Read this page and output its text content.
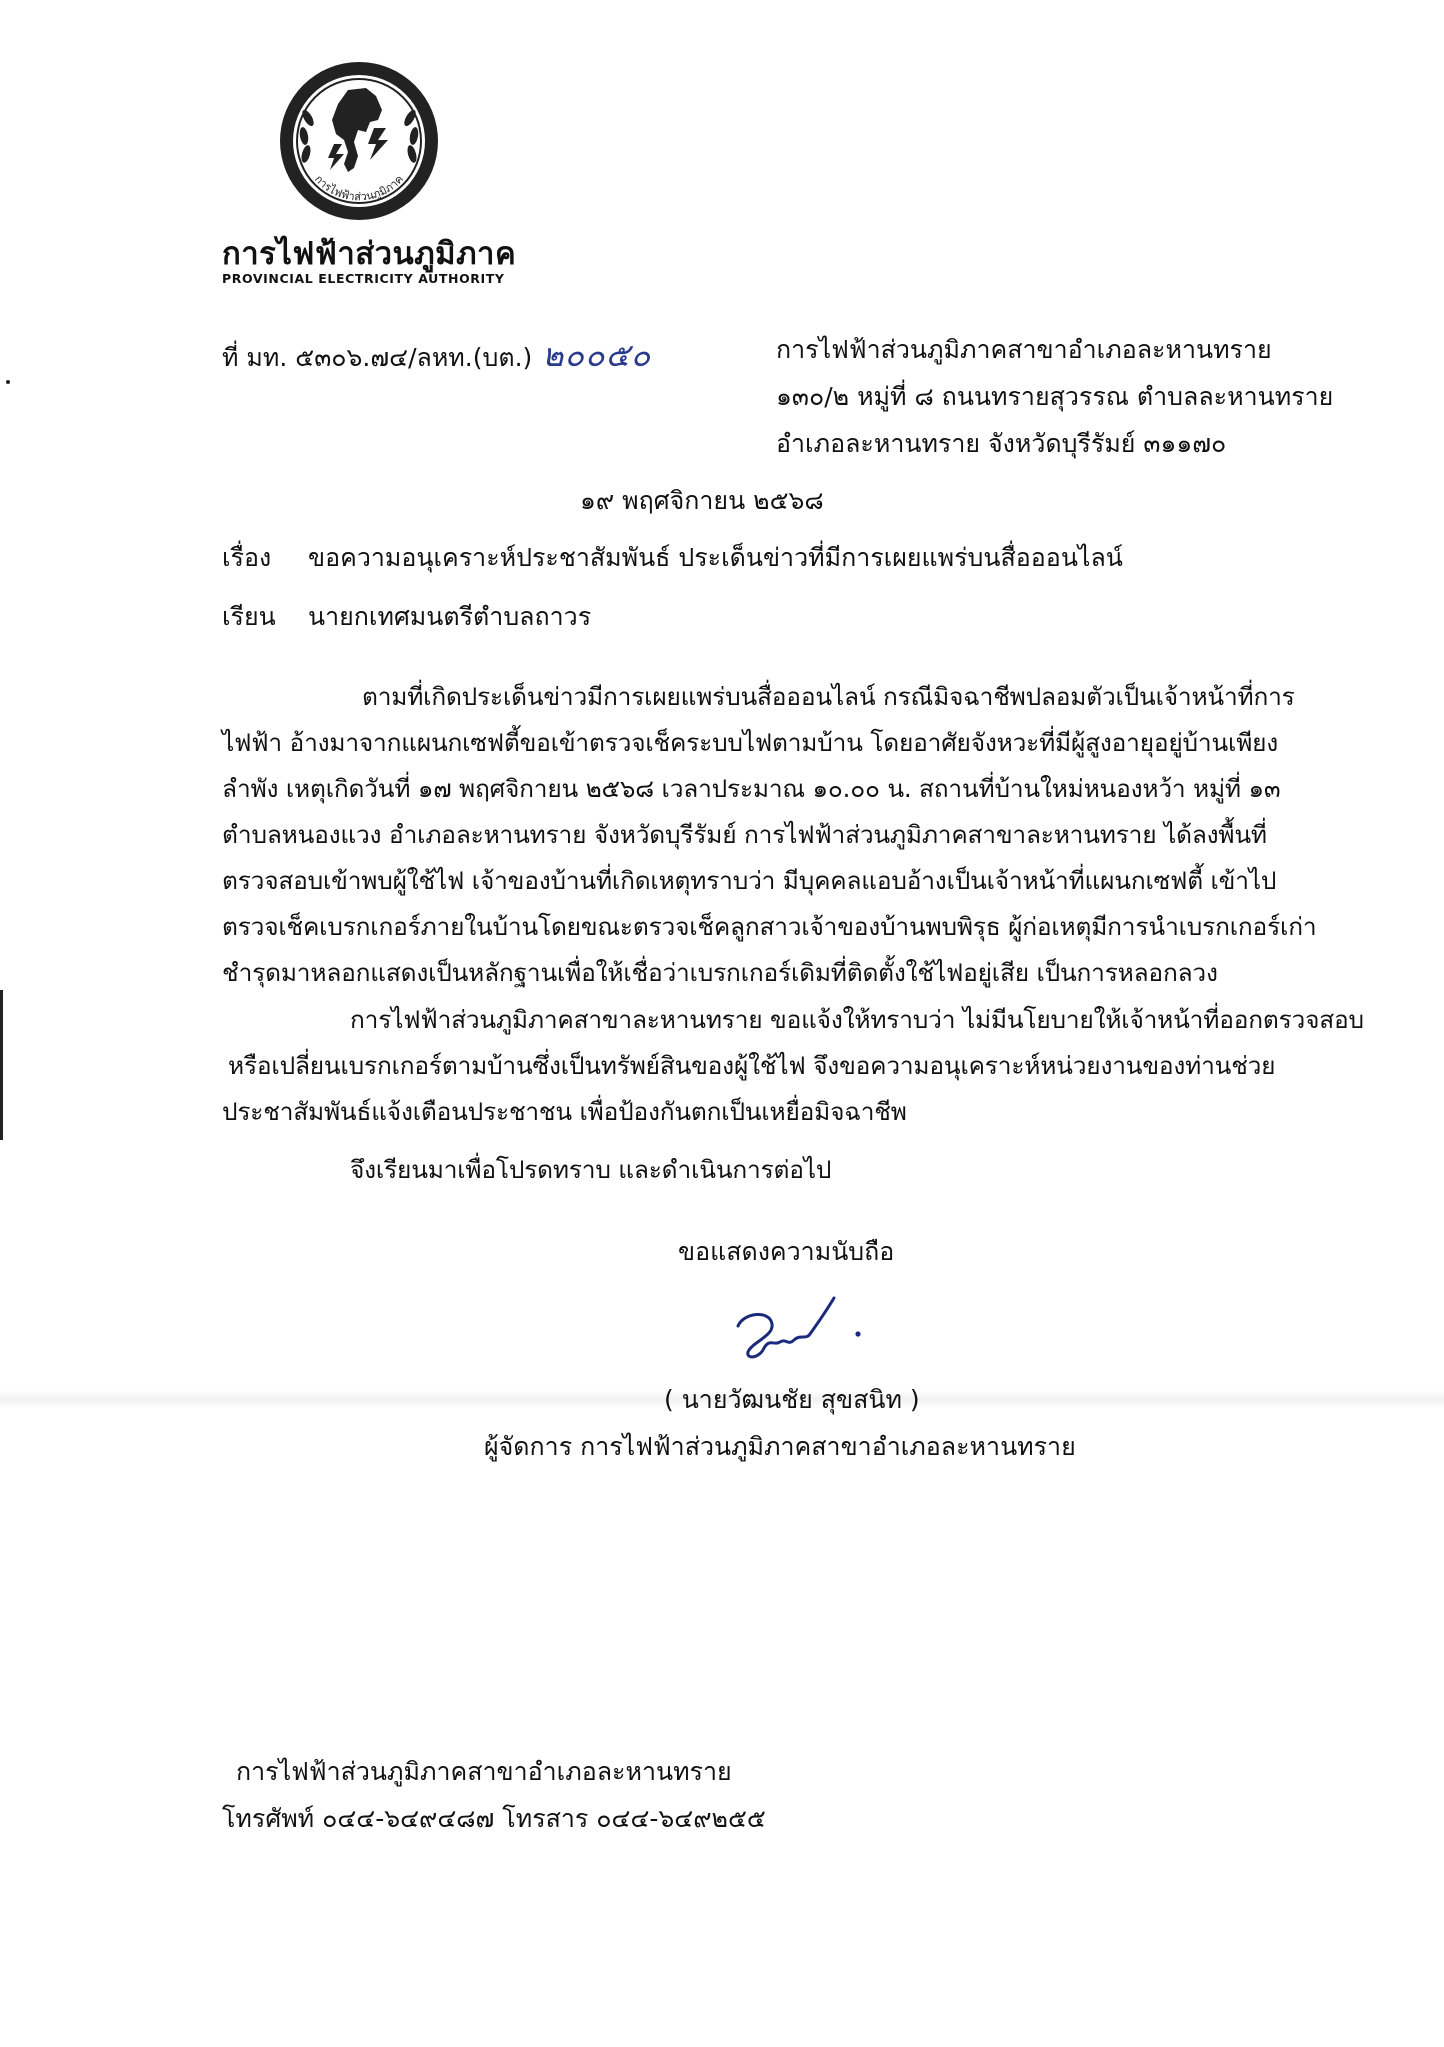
การไฟฟ้าส่วนภูมิภาค
การไฟฟ้าส่วนภูมิภาค
PROVINCIAL ELECTRICITY AUTHORITY
ที่ มท. ๕๓๐๖.๗๔/ลหท.(บต.) ๒๐๐๕๐	การไฟฟ้าส่วนภูมิภาคสาขาอำเภอละหานทราย
๑๓๐/๒ หมู่ที่ ๘ ถนนทรายสุวรรณ ตำบลละหานทราย
อำเภอละหานทราย จังหวัดบุรีรัมย์ ๓๑๑๗๐
๑๙ พฤศจิกายน ๒๕๖๘
เรื่อง ขอความอนุเคราะห์ประชาสัมพันธ์ ประเด็นข่าวที่มีการเผยแพร่บนสื่อออนไลน์
เรียน นายกเทศมนตรีตำบลถาวร
ตามที่เกิดประเด็นข่าวมีการเผยแพร่บนสื่อออนไลน์ กรณีมิจฉาชีพปลอมตัวเป็นเจ้าหน้าที่การ
ไฟฟ้า อ้างมาจากแผนกเซฟตี้ขอเข้าตรวจเช็คระบบไฟตามบ้าน โดยอาศัยจังหวะที่มีผู้สูงอายุอยู่บ้านเพียง
ลำพัง เหตุเกิดวันที่ ๑๗ พฤศจิกายน ๒๕๖๘ เวลาประมาณ ๑๐.๐๐ น. สถานที่บ้านใหม่หนองหว้า หมู่ที่ ๑๓
ตำบลหนองแวง อำเภอละหานทราย จังหวัดบุรีรัมย์ การไฟฟ้าส่วนภูมิภาคสาขาละหานทราย ได้ลงพื้นที่
ตรวจสอบเข้าพบผู้ใช้ไฟ เจ้าของบ้านที่เกิดเหตุทราบว่า มีบุคคลแอบอ้างเป็นเจ้าหน้าที่แผนกเซฟตี้ เข้าไป
ตรวจเช็คเบรกเกอร์ภายในบ้านโดยขณะตรวจเช็คลูกสาวเจ้าของบ้านพบพิรุธ ผู้ก่อเหตุมีการนำเบรกเกอร์เก่า
ชำรุดมาหลอกแสดงเป็นหลักฐานเพื่อให้เชื่อว่าเบรกเกอร์เดิมที่ติดตั้งใช้ไฟอยู่เสีย เป็นการหลอกลวง
การไฟฟ้าส่วนภูมิภาคสาขาละหานทราย ขอแจ้งให้ทราบว่า ไม่มีนโยบายให้เจ้าหน้าที่ออกตรวจสอบ
หรือเปลี่ยนเบรกเกอร์ตามบ้านซึ่งเป็นทรัพย์สินของผู้ใช้ไฟ จึงขอความอนุเคราะห์หน่วยงานของท่านช่วย
ประชาสัมพันธ์แจ้งเตือนประชาชน เพื่อป้องกันตกเป็นเหยื่อมิจฉาชีพ
จึงเรียนมาเพื่อโปรดทราบ และดำเนินการต่อไป
ขอแสดงความนับถือ
( นายวัฒนชัย สุขสนิท )
ผู้จัดการ การไฟฟ้าส่วนภูมิภาคสาขาอำเภอละหานทราย
การไฟฟ้าส่วนภูมิภาคสาขาอำเภอละหานทราย
โทรศัพท์ ๐๔๔-๖๔๙๔๘๗ โทรสาร ๐๔๔-๖๔๙๒๕๕
